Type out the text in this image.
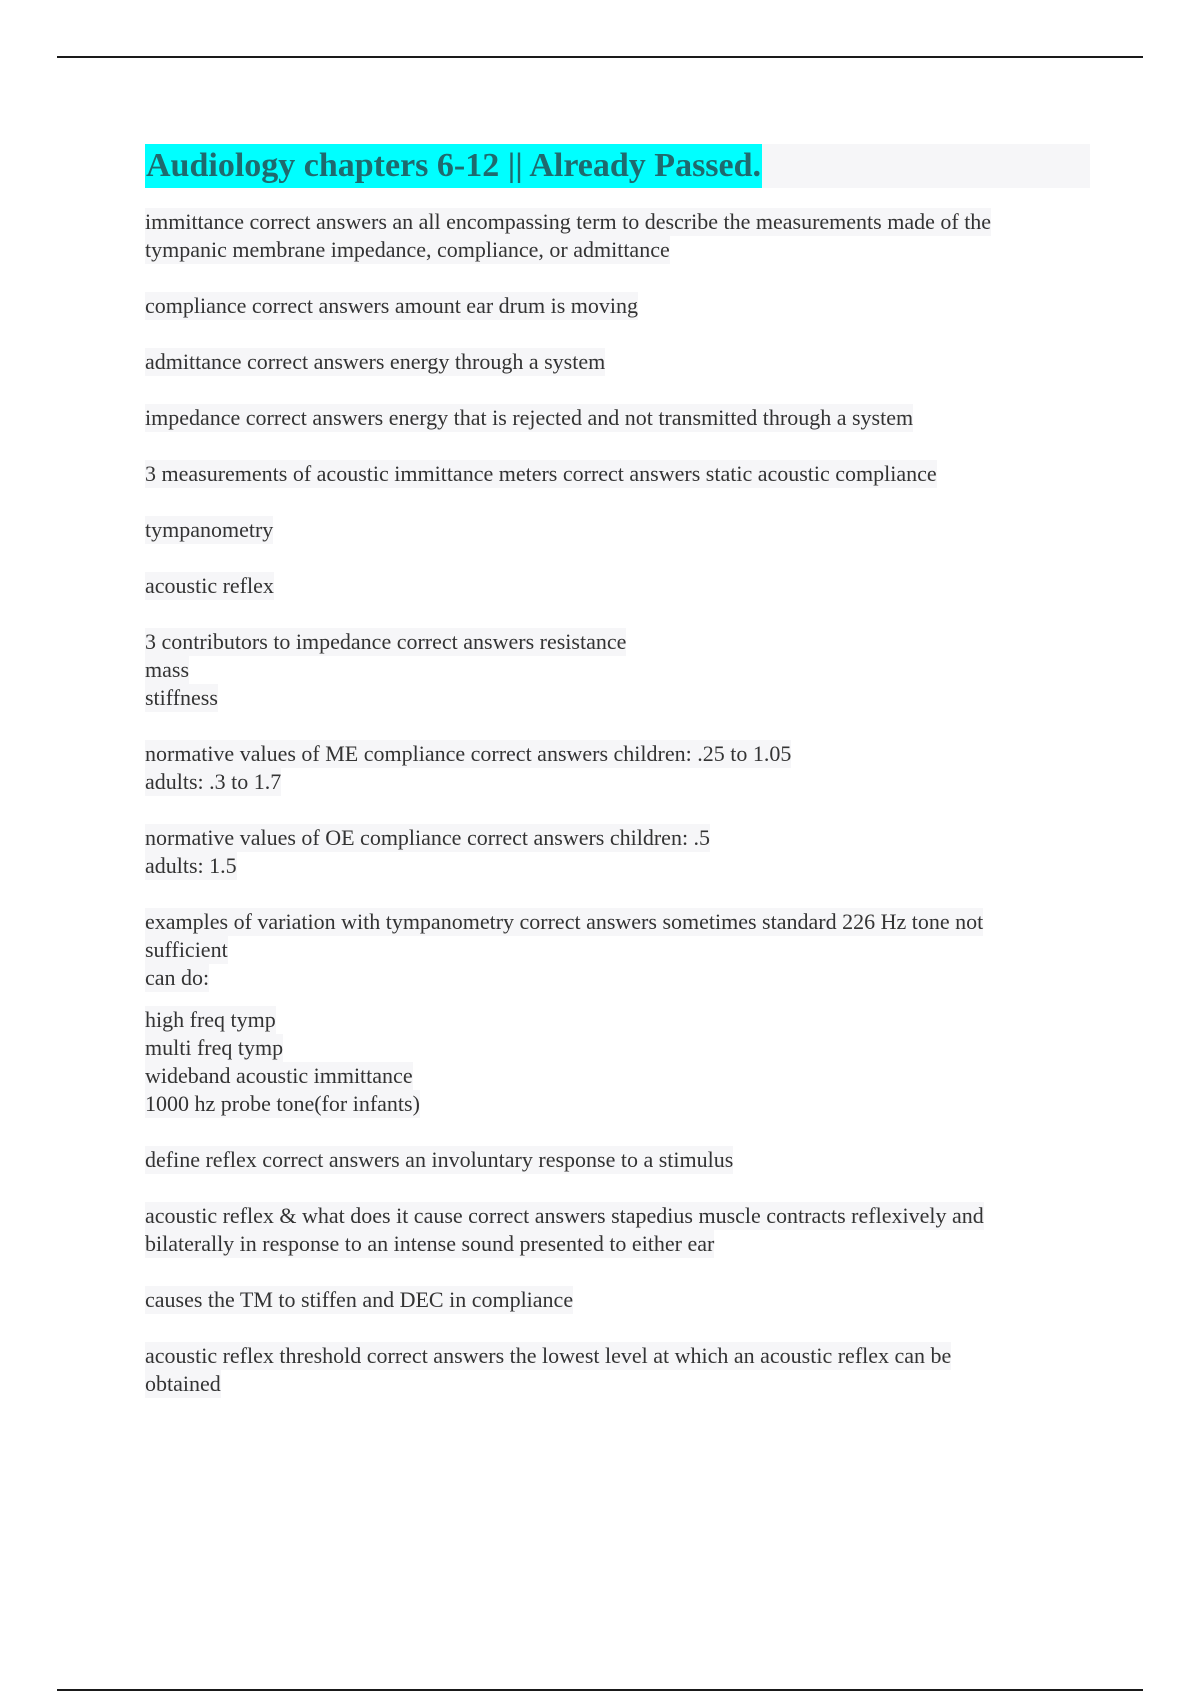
Audiology chapters 6-12 || Already Passed.
immittance correct answers an all encompassing term to describe the measurements made of the
tympanic membrane impedance, compliance, or admittance
compliance correct answers amount ear drum is moving
admittance correct answers energy through a system
impedance correct answers energy that is rejected and not transmitted through a system
3 measurements of acoustic immittance meters correct answers static acoustic compliance
tympanometry
acoustic reflex
3 contributors to impedance correct answers resistance
mass
stiffness
normative values of ME compliance correct answers children: .25 to 1.05
adults: .3 to 1.7
normative values of OE compliance correct answers children: .5
adults: 1.5
examples of variation with tympanometry correct answers sometimes standard 226 Hz tone not
sufficient
can do:
high freq tymp
multi freq tymp
wideband acoustic immittance
1000 hz probe tone(for infants)
define reflex correct answers an involuntary response to a stimulus
acoustic reflex & what does it cause correct answers stapedius muscle contracts reflexively and
bilaterally in response to an intense sound presented to either ear
causes the TM to stiffen and DEC in compliance
acoustic reflex threshold correct answers the lowest level at which an acoustic reflex can be
obtained
